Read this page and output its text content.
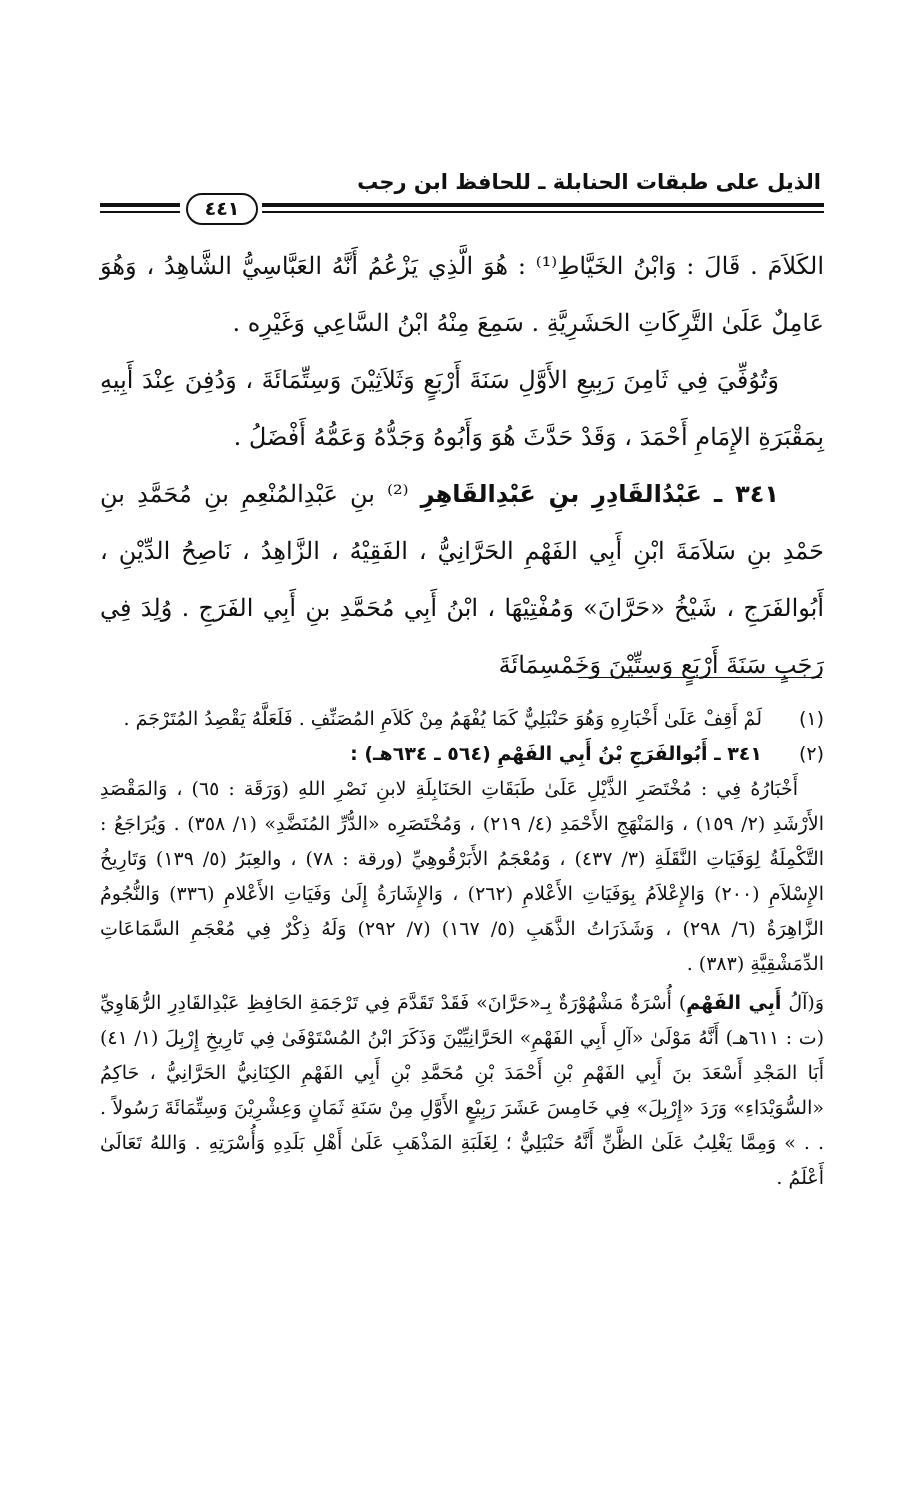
الذيل على طبقات الحنابلة ـ للحافظ ابن رجب
٤٤١

الكَلاَمَ . قَالَ : وَابْنُ الخَيَّاطِ⁽¹⁾ : هُوَ الَّذِي يَزْعُمُ أَنَّهُ العَبَّاسِيُّ الشَّاهِدُ ، وَهُوَ عَامِلٌ عَلَىٰ التَّرِكَاتِ الحَشَرِيَّةِ . سَمِعَ مِنْهُ ابْنُ السَّاعِي وَغَيْرِه .

وَتُوُفِّيَ فِي ثَامِنَ رَبِيعِ الأَوَّلِ سَنَةَ أَرْبَعٍ وَثَلاَثِيْنَ وَسِتِّمَائَةَ ، وَدُفِنَ عِنْدَ أَبِيهِ بِمَقْبَرَةِ الإِمَامِ أَحْمَدَ ، وَقَدْ حَدَّثَ هُوَ وَأَبُوهُ وَجَدُّهُ وَعَمُّهُ أَفْضَلُ .

٣٤١ ـ عَبْدُالقَادِرِ بنِ عَبْدِالقَاهِرِ ⁽²⁾ بنِ عَبْدِالمُنْعِمِ بنِ مُحَمَّدِ بنِ حَمْدِ بنِ سَلاَمَةَ ابْنِ أَبِي الفَهْمِ الحَرَّانِيُّ ، الفَقِيْهُ ، الزَّاهِدُ ، نَاصِحُ الدِّيْنِ ، أَبُوالفَرَجِ ، شَيْخُ «حَرَّانَ» وَمُفْتِيْهَا ، ابْنُ أَبِي مُحَمَّدِ بنِ أَبِي الفَرَجِ . وُلِدَ فِي رَجَبٍ سَنَةَ أَرْبَعٍ وَسِتِّيْنَ وَخَمْسِمَائَةَ

(١)
لَمْ أَقِفْ عَلَىٰ أَخْبَارِهِ وَهُوَ حَنْبَلِيٌّ كَمَا يُفْهَمُ مِنْ كَلاَمِ المُصَنِّفِ . فَلَعَلَّهُ يَقْصِدُ المُتَرْجَمَ .

(٢)
٣٤١ ـ أَبُوالفَرَجِ بْنُ أَبِي الفَهْمِ (٥٦٤ ـ ٦٣٤هـ) :

أَخْبَارُهُ فِي : مُخْتَصَرِ الذَّيْلِ عَلَىٰ طَبَقَاتِ الحَنَابِلَةِ لابنِ نَصْرِ اللهِ (وَرَقَة : ٦٥) ، وَالمَقْصَدِ الأَرْشَدِ (٢/ ١٥٩) ، وَالمَنْهَجِ الأَحْمَدِ (٤/ ٢١٩) ، وَمُخْتَصَرِه «الدُّرِّ المُنَضَّدِ» (١/ ٣٥٨) . وَيُرَاجَعُ : التَّكْمِلَةُ لِوَفَيَاتِ النَّقَلَةِ (٣/ ٤٣٧) ، وَمُعْجَمُ الأَبَرْقُوهِيِّ (ورقة : ٧٨) ، والعِبَرُ (٥/ ١٣٩) وَتَارِيخُ الإِسْلاَمِ (٢٠٠) وَالإِعْلاَمُ بِوَفَيَاتِ الأَعْلامِ (٢٦٢) ، وَالإِشَارَةُ إِلَىٰ وَفَيَاتِ الأَعْلامِ (٣٣٦) وَالنُّجُومُ الزَّاهِرَةُ (٦/ ٢٩٨) ، وَشَذَرَاتُ الذَّهَبِ (٥/ ١٦٧) (٧/ ٢٩٢) وَلَهُ ذِكْرٌ فِي مُعْجَمِ السَّمَاعَاتِ الدِّمَشْقِيَّةِ (٣٨٣) .

وَ(آلُ أَبِي الفَهْمِ) أُسْرَةٌ مَشْهُوْرَةٌ بِـ«حَرَّانَ» فَقَدْ تَقَدَّمَ فِي تَرْجَمَةِ الحَافِظِ عَبْدِالقَادِرِ الرُّهَاوِيِّ (ت : ٦١١هـ) أَنَّهُ مَوْلَىٰ «آلِ أَبِي الفَهْمِ» الحَرَّانِيِّيْنَ وَذَكَرَ ابْنُ المُسْتَوْفَىٰ فِي تَارِيخِ إِرْبِلَ (١/ ٤١) أَبَا المَجْدِ أَسْعَدَ بنَ أَبِي الفَهْمِ بْنِ أَحْمَدَ بْنِ مُحَمَّدِ بْنِ أَبِي الفَهْمِ الكِنَانِيُّ الحَرَّانِيُّ ، حَاكِمُ «السُّوَيْدَاءِ» وَرَدَ «إِرْبِلَ» فِي خَامِسَ عَشَرَ رَبِيْعٍ الأَوَّلِ مِنْ سَنَةِ ثَمَانٍ وَعِشْرِيْنَ وَسِتِّمَائَةَ رَسُولاً . . . » وَمِمَّا يَغْلِبُ عَلَىٰ الظَّنِّ أَنَّهُ حَنْبَلِيٌّ ؛ لِغَلَبَةِ المَذْهَبِ عَلَىٰ أَهْلِ بَلَدِهِ وَأُسْرَتِهِ . وَاللهُ تَعَالَىٰ أَعْلَمُ .
